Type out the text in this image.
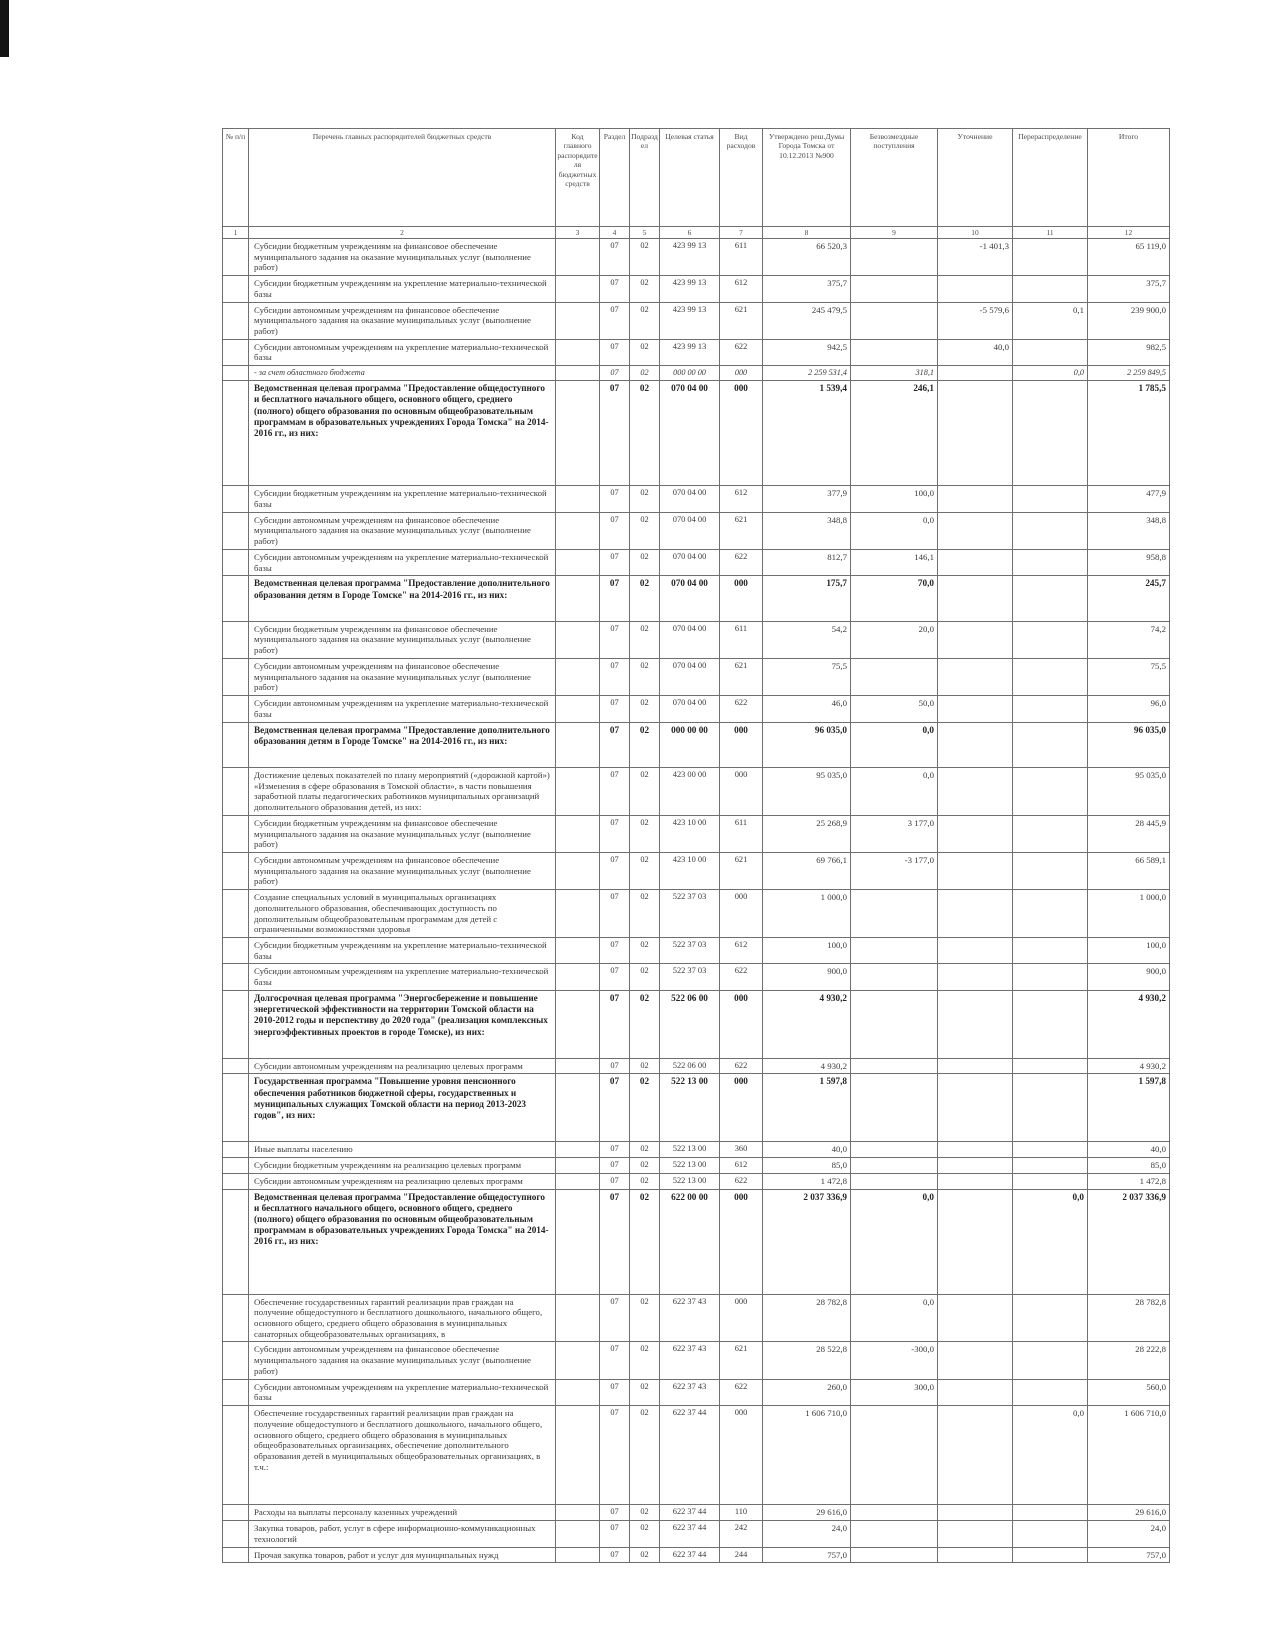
№ п/п	Перечень главных распорядителей бюджетных средств	Код главного распорядителя бюджетных средств	Раздел	Подраздел	Целевая статья	Вид расходов	Утверждено реш.Думы Города Томска от 10.12.2013 №900	Безвозмездные поступления	Уточнение	Перераспределение	Итого
1	2	3	4	5	6	7	8	9	10	11	12
	Субсидии бюджетным учреждениям на финансовое обеспечение муниципального задания на оказание муниципальных услуг (выполнение работ)		07	02	423 99 13	611	66 520,3		-1 401,3		65 119,0
	Субсидии бюджетным учреждениям на укрепление материально-технической базы		07	02	423 99 13	612	375,7				375,7
	Субсидии автономным учреждениям на финансовое обеспечение муниципального задания на оказание муниципальных услуг (выполнение работ)		07	02	423 99 13	621	245 479,5		-5 579,6	0,1	239 900,0
	Субсидии автономным учреждениям на укрепление материально-технической базы		07	02	423 99 13	622	942,5		40,0		982,5
	- за счет областного бюджета		07	02	000 00 00	000	2 259 531,4	318,1		0,0	2 259 849,5
	Ведомственная целевая программа "Предоставление общедоступного и бесплатного начального общего, основного общего, среднего (полного) общего образования по основным общеобразовательным программам в образовательных учреждениях Города Томска" на 2014-2016 гг., из них:		07	02	070 04 00	000	1 539,4	246,1			1 785,5
	Субсидии бюджетным учреждениям на укрепление материально-технической базы		07	02	070 04 00	612	377,9	100,0			477,9
	Субсидии автономным учреждениям на финансовое обеспечение муниципального задания на оказание муниципальных услуг (выполнение работ)		07	02	070 04 00	621	348,8	0,0			348,8
	Субсидии автономным учреждениям на укрепление материально-технической базы		07	02	070 04 00	622	812,7	146,1			958,8
	Ведомственная целевая программа "Предоставление дополнительного образования детям в Городе Томске" на 2014-2016 гг., из них:		07	02	070 04 00	000	175,7	70,0			245,7
	Субсидии бюджетным учреждениям на финансовое обеспечение муниципального задания на оказание муниципальных услуг (выполнение работ)		07	02	070 04 00	611	54,2	20,0			74,2
	Субсидии автономным учреждениям на финансовое обеспечение муниципального задания на оказание муниципальных услуг (выполнение работ)		07	02	070 04 00	621	75,5				75,5
	Субсидии автономным учреждениям на укрепление материально-технической базы		07	02	070 04 00	622	46,0	50,0			96,0
	Ведомственная целевая программа "Предоставление дополнительного образования детям в Городе Томске" на 2014-2016 гг., из них:		07	02	000 00 00	000	96 035,0	0,0			96 035,0
	Достижение целевых показателей по плану мероприятий («дорожной картой») «Изменения в сфере образования в Томской области», в части повышения заработной платы педагогических работников муниципальных организаций дополнительного образования детей, из них:		07	02	423 00 00	000	95 035,0	0,0			95 035,0
	Субсидии бюджетным учреждениям на финансовое обеспечение муниципального задания на оказание муниципальных услуг (выполнение работ)		07	02	423 10 00	611	25 268,9	3 177,0			28 445,9
	Субсидии автономным учреждениям на финансовое обеспечение муниципального задания на оказание муниципальных услуг (выполнение работ)		07	02	423 10 00	621	69 766,1	-3 177,0			66 589,1
	Создание специальных условий в муниципальных организациях дополнительного образования, обеспечивающих доступность по дополнительным общеобразовательным программам для детей с ограниченными возможностями здоровья		07	02	522 37 03	000	1 000,0				1 000,0
	Субсидии бюджетным учреждениям на укрепление материально-технической базы		07	02	522 37 03	612	100,0				100,0
	Субсидии автономным учреждениям на укрепление материально-технической базы		07	02	522 37 03	622	900,0				900,0
	Долгосрочная целевая программа "Энергосбережение и повышение энергетической эффективности на территории Томской области на 2010-2012 годы и перспективу до 2020 года" (реализация комплексных энергоэффективных проектов в городе Томске), из них:		07	02	522 06 00	000	4 930,2				4 930,2
	Субсидии автономным учреждениям на реализацию целевых программ		07	02	522 06 00	622	4 930,2				4 930,2
	Государственная программа "Повышение уровня пенсионного обеспечения работников бюджетной сферы, государственных и муниципальных служащих Томской области на период 2013-2023 годов", из них:		07	02	522 13 00	000	1 597,8				1 597,8
	Иные выплаты населению		07	02	522 13 00	360	40,0				40,0
	Субсидии бюджетным учреждениям на реализацию целевых программ		07	02	522 13 00	612	85,0				85,0
	Субсидии автономным учреждениям на реализацию целевых программ		07	02	522 13 00	622	1 472,8				1 472,8
	Ведомственная целевая программа "Предоставление общедоступного и бесплатного начального общего, основного общего, среднего (полного) общего образования по основным общеобразовательным программам в образовательных учреждениях Города Томска" на 2014-2016 гг., из них:		07	02	622 00 00	000	2 037 336,9	0,0		0,0	2 037 336,9
	Обеспечение государственных гарантий реализации прав граждан на получение общедоступного и бесплатного дошкольного, начального общего, основного общего, среднего общего образования в муниципальных санаторных общеобразовательных организациях, в		07	02	622 37 43	000	28 782,8	0,0			28 782,8
	Субсидии автономным учреждениям на финансовое обеспечение муниципального задания на оказание муниципальных услуг (выполнение работ)		07	02	622 37 43	621	28 522,8	-300,0			28 222,8
	Субсидии автономным учреждениям на укрепление материально-технической базы		07	02	622 37 43	622	260,0	300,0			560,0
	Обеспечение государственных гарантий реализации прав граждан на получение общедоступного и бесплатного дошкольного, начального общего, основного общего, среднего общего образования в муниципальных общеобразовательных организациях, обеспечение дополнительного образования детей в муниципальных общеобразовательных организациях, в т.ч.:		07	02	622 37 44	000	1 606 710,0			0,0	1 606 710,0
	Расходы на выплаты персоналу казенных учреждений		07	02	622 37 44	110	29 616,0				29 616,0
	Закупка товаров, работ, услуг в сфере информационно-коммуникационных технологий		07	02	622 37 44	242	24,0				24,0
	Прочая закупка товаров, работ и услуг для муниципальных нужд		07	02	622 37 44	244	757,0				757,0
